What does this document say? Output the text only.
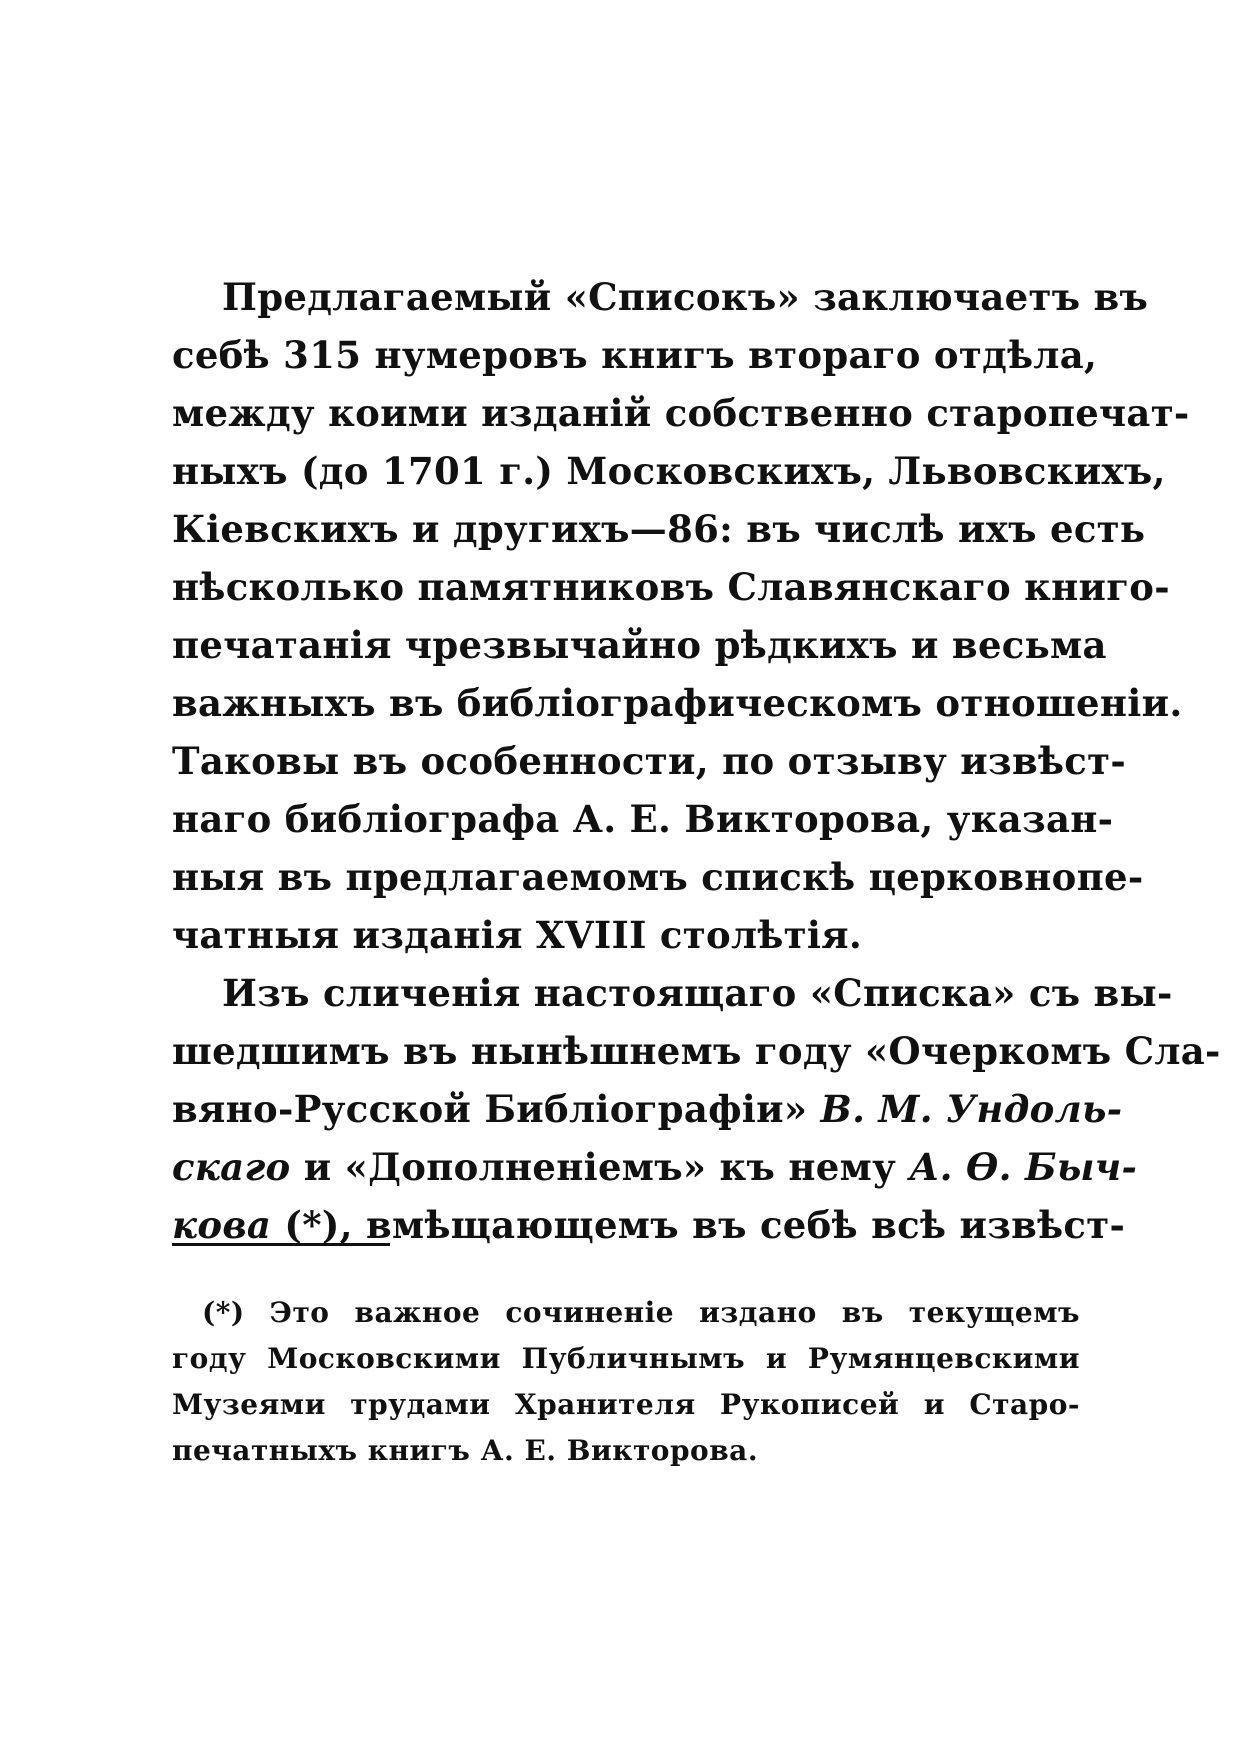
Предлагаемый «Списокъ» заключаетъ въ
себѣ 315 нумеровъ книгъ втораго отдѣла,
между коими изданій собственно старопечат-
ныхъ (до 1701 г.) Московскихъ, Львовскихъ,
Кіевскихъ и другихъ—86: въ числѣ ихъ есть
нѣсколько памятниковъ Славянскаго книго-
печатанія чрезвычайно рѣдкихъ и весьма
важныхъ въ библіографическомъ отношеніи.
Таковы въ особенности, по отзыву извѣст-
наго библіографа А. Е. Викторова, указан-
ныя въ предлагаемомъ спискѣ церковнопе-
чатныя изданія XVIII столѣтія.
Изъ сличенія настоящаго «Списка» съ вы-
шедшимъ въ нынѣшнемъ году «Очеркомъ Сла-
вяно-Русской Библіографіи» В. М. Ундоль-
скаго и «Дополненіемъ» къ нему А. Ѳ. Быч-
кова (*), вмѣщающемъ въ себѣ всѣ извѣст-
(*) Это важное сочиненіе издано въ текущемъ
году Московскими Публичнымъ и Румянцевскими
Музеями трудами Хранителя Рукописей и Старо-
печатныхъ книгъ А. Е. Викторова.
